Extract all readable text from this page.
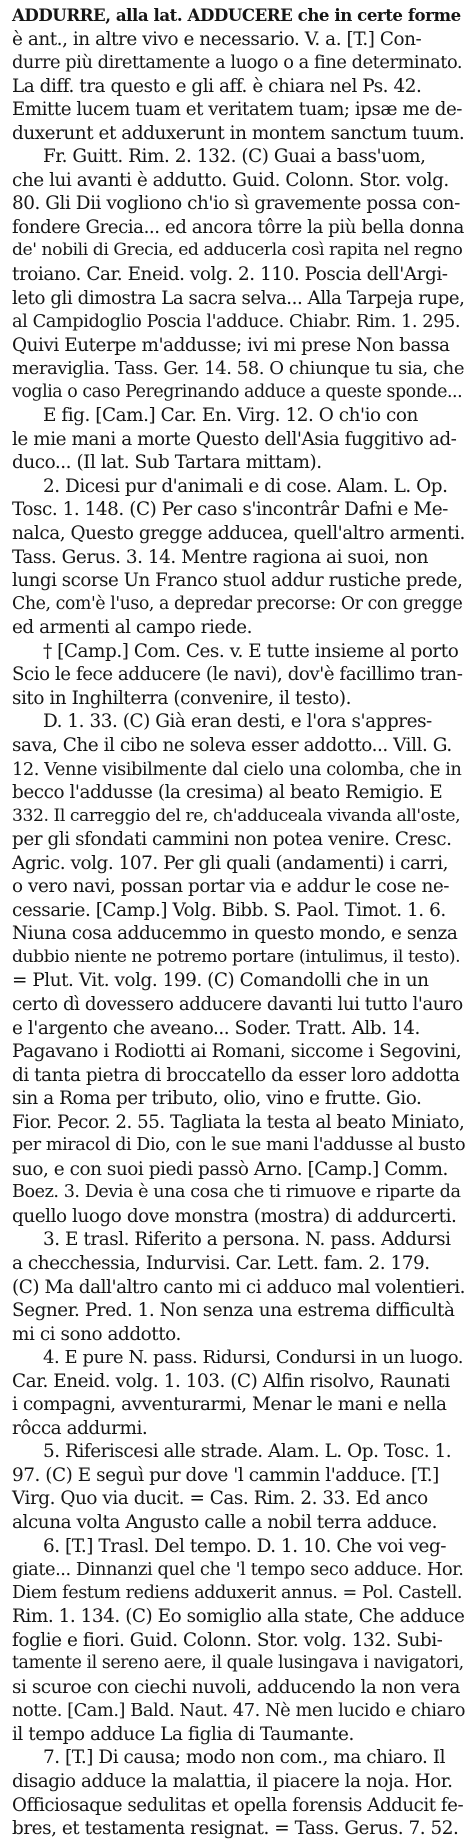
ADDURRE, alla lat. ADDUCERE che in certe forme
è ant., in altre vivo e necessario. V. a. [T.] Con-
durre più direttamente a luogo o a fine determinato.
La diff. tra questo e gli aff. è chiara nel Ps. 42.
Emitte lucem tuam et veritatem tuam; ipsæ me de-
duxerunt et adduxerunt in montem sanctum tuum.
Fr. Guitt. Rim. 2. 132. (C) Guai a bass'uom,
che lui avanti è addutto. Guid. Colonn. Stor. volg.
80. Gli Dii vogliono ch'io sì gravemente possa con-
fondere Grecia... ed ancora tôrre la più bella donna
de' nobili di Grecia, ed adducerla così rapita nel regno
troiano. Car. Eneid. volg. 2. 110. Poscia dell'Argi-
leto gli dimostra La sacra selva... Alla Tarpeja rupe,
al Campidoglio Poscia l'adduce. Chiabr. Rim. 1. 295.
Quivi Euterpe m'addusse; ivi mi prese Non bassa
meraviglia. Tass. Ger. 14. 58. O chiunque tu sia, che
voglia o caso Peregrinando adduce a queste sponde...
E fig. [Cam.] Car. En. Virg. 12. O ch'io con
le mie mani a morte Questo dell'Asia fuggitivo ad-
duco... (Il lat. Sub Tartara mittam).
2. Dicesi pur d'animali e di cose. Alam. L. Op.
Tosc. 1. 148. (C) Per caso s'incontrâr Dafni e Me-
nalca, Questo gregge adducea, quell'altro armenti.
Tass. Gerus. 3. 14. Mentre ragiona ai suoi, non
lungi scorse Un Franco stuol addur rustiche prede,
Che, com'è l'uso, a depredar precorse: Or con gregge
ed armenti al campo riede.
† [Camp.] Com. Ces. v. E tutte insieme al porto
Scio le fece adducere (le navi), dov'è facillimo tran-
sito in Inghilterra (convenire, il testo).
D. 1. 33. (C) Già eran desti, e l'ora s'appres-
sava, Che il cibo ne soleva esser addotto... Vill. G.
12. Venne visibilmente dal cielo una colomba, che in
becco l'addusse (la cresima) al beato Remigio. E
332. Il carreggio del re, ch'adduceala vivanda all'oste,
per gli sfondati cammini non potea venire. Cresc.
Agric. volg. 107. Per gli quali (andamenti) i carri,
o vero navi, possan portar via e addur le cose ne-
cessarie. [Camp.] Volg. Bibb. S. Paol. Timot. 1. 6.
Niuna cosa adducemmo in questo mondo, e senza
dubbio niente ne potremo portare (intulimus, il testo).
= Plut. Vit. volg. 199. (C) Comandolli che in un
certo dì dovessero adducere davanti lui tutto l'auro
e l'argento che aveano... Soder. Tratt. Alb. 14.
Pagavano i Rodiotti ai Romani, siccome i Segovini,
di tanta pietra di broccatello da esser loro addotta
sin a Roma per tributo, olio, vino e frutte. Gio.
Fior. Pecor. 2. 55. Tagliata la testa al beato Miniato,
per miracol di Dio, con le sue mani l'addusse al busto
suo, e con suoi piedi passò Arno. [Camp.] Comm.
Boez. 3. Devia è una cosa che ti rimuove e riparte da
quello luogo dove monstra (mostra) di addurcerti.
3. E trasl. Riferito a persona. N. pass. Addursi
a checchessia, Indurvisi. Car. Lett. fam. 2. 179.
(C) Ma dall'altro canto mi ci adduco mal volentieri.
Segner. Pred. 1. Non senza una estrema difficultà
mi ci sono addotto.
4. E pure N. pass. Ridursi, Condursi in un luogo.
Car. Eneid. volg. 1. 103. (C) Alfin risolvo, Raunati
i compagni, avventurarmi, Menar le mani e nella
rôcca addurmi.
5. Riferiscesi alle strade. Alam. L. Op. Tosc. 1.
97. (C) E seguì pur dove 'l cammin l'adduce. [T.]
Virg. Quo via ducit. = Cas. Rim. 2. 33. Ed anco
alcuna volta Angusto calle a nobil terra adduce.
6. [T.] Trasl. Del tempo. D. 1. 10. Che voi veg-
giate... Dinnanzi quel che 'l tempo seco adduce. Hor.
Diem festum rediens adduxerit annus. = Pol. Castell.
Rim. 1. 134. (C) Eo somiglio alla state, Che adduce
foglie e fiori. Guid. Colonn. Stor. volg. 132. Subi-
tamente il sereno aere, il quale lusingava i navigatori,
si scuroe con ciechi nuvoli, adducendo la non vera
notte. [Cam.] Bald. Naut. 47. Nè men lucido e chiaro
il tempo adduce La figlia di Taumante.
7. [T.] Di causa; modo non com., ma chiaro. Il
disagio adduce la malattia, il piacere la noja. Hor.
Officiosaque sedulitas et opella forensis Adducit fe-
bres, et testamenta resignat. = Tass. Gerus. 7. 52.
